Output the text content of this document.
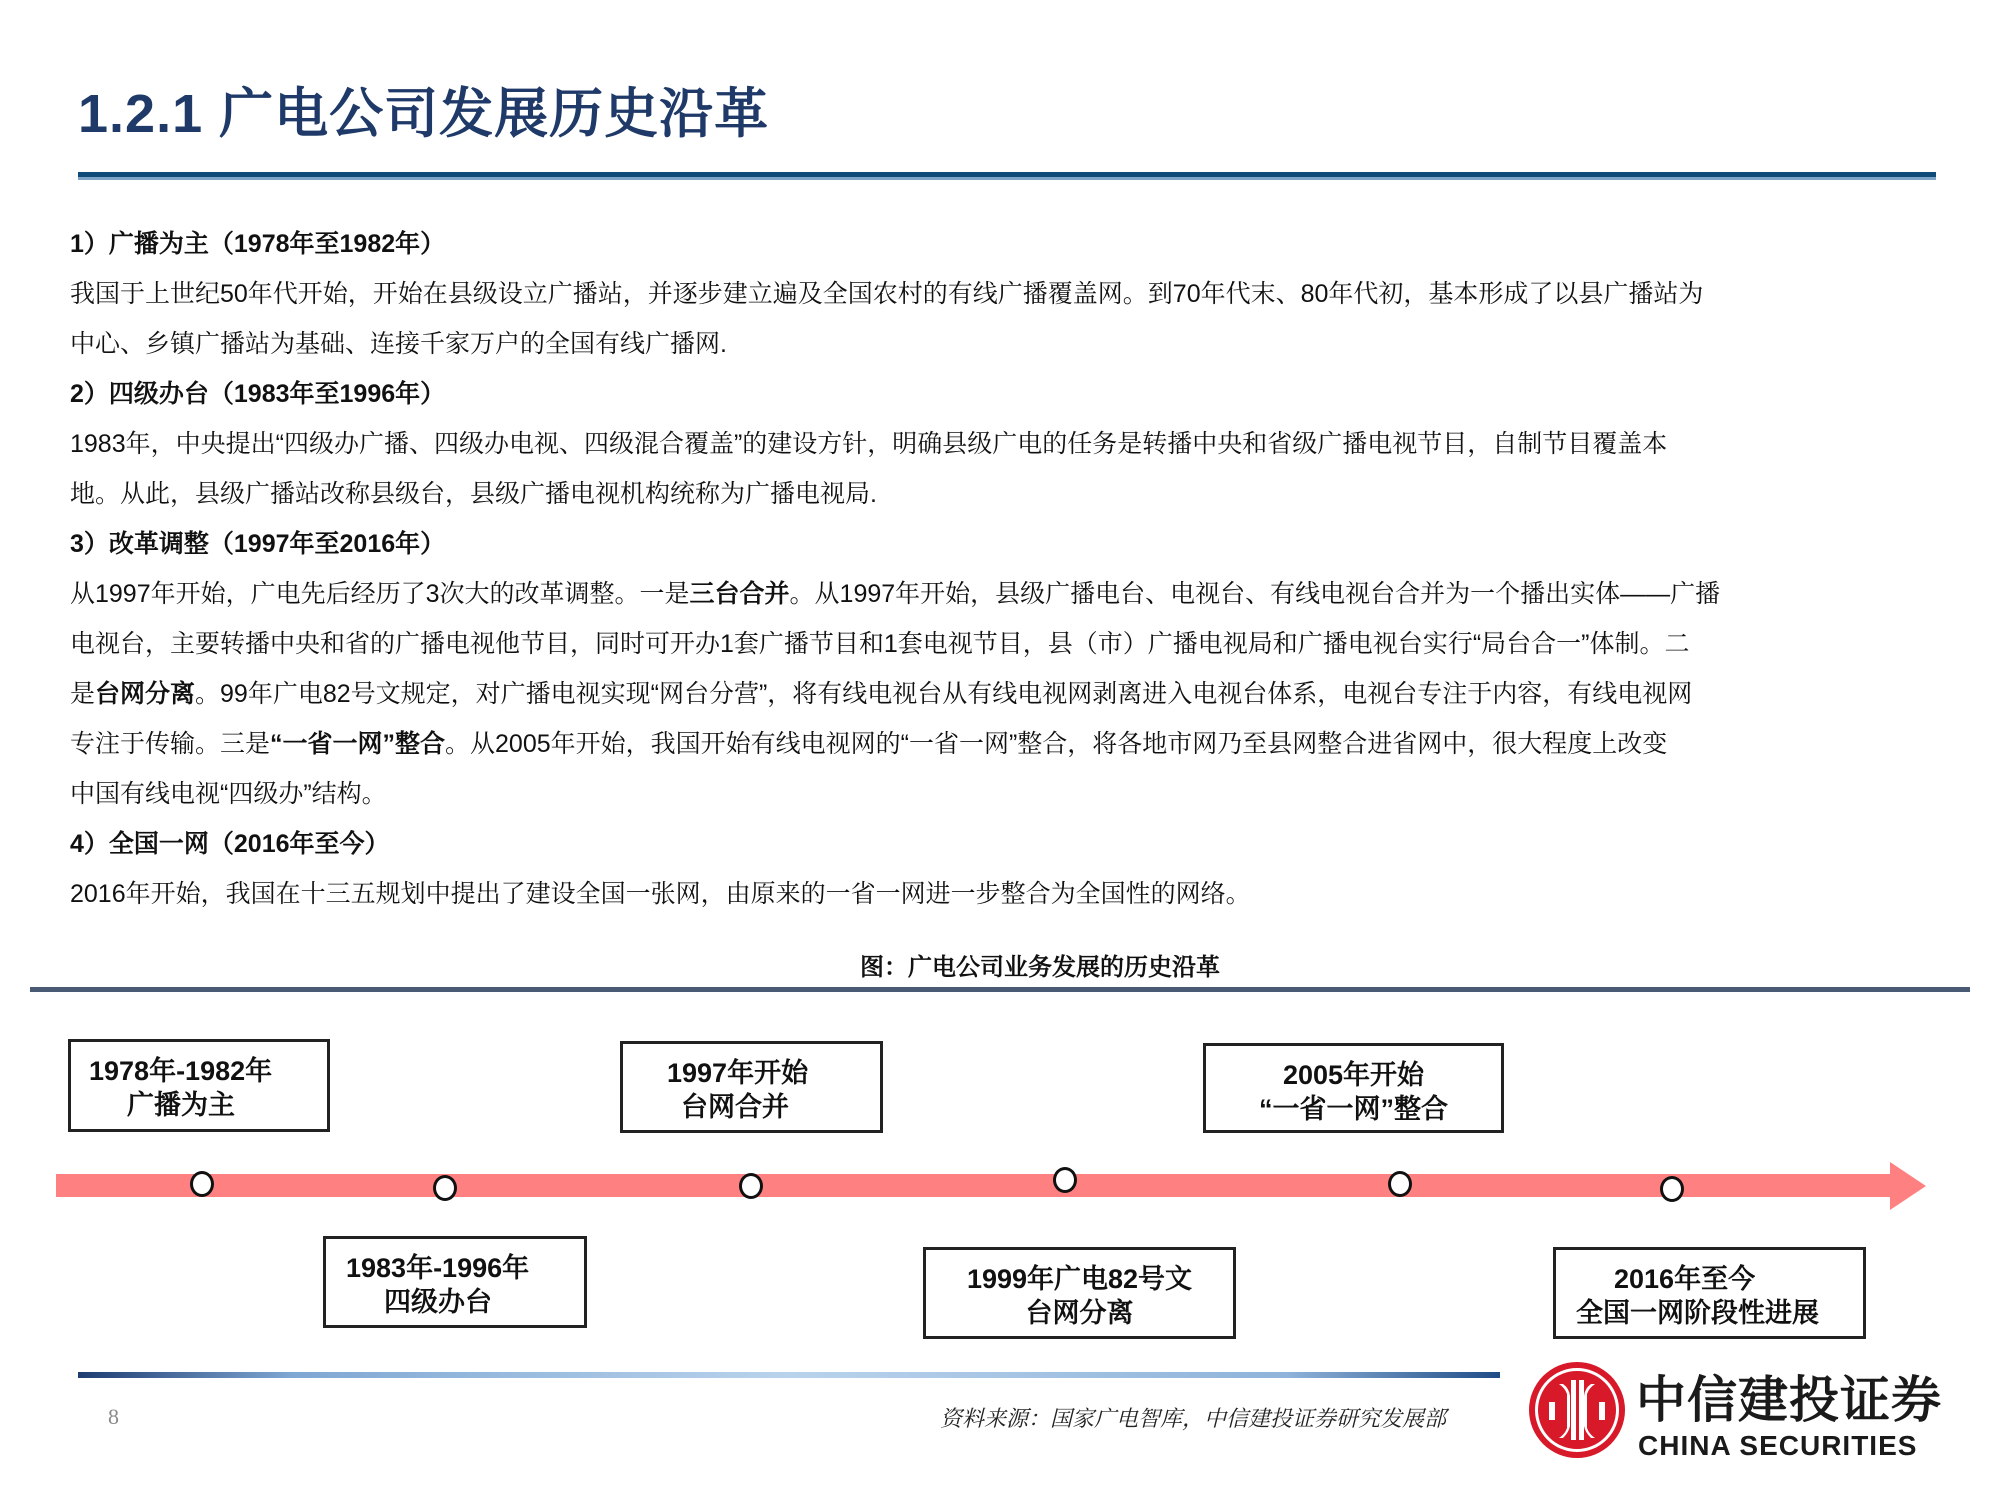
1.2.1 广电公司发展历史沿革
1）广播为主（1978年至1982年）
我国于上世纪50年代开始，开始在县级设立广播站，并逐步建立遍及全国农村的有线广播覆盖网。到70年代末、80年代初，基本形成了以县广播站为
中心、乡镇广播站为基础、连接千家万户的全国有线广播网.
2）四级办台（1983年至1996年）
1983年，中央提出“四级办广播、四级办电视、四级混合覆盖”的建设方针，明确县级广电的任务是转播中央和省级广播电视节目，自制节目覆盖本
地。从此，县级广播站改称县级台，县级广播电视机构统称为广播电视局.
3）改革调整（1997年至2016年）
从1997年开始，广电先后经历了3次大的改革调整。一是三台合并。从1997年开始，县级广播电台、电视台、有线电视台合并为一个播出实体——广播
电视台，主要转播中央和省的广播电视他节目，同时可开办1套广播节目和1套电视节目，县（市）广播电视局和广播电视台实行“局台合一”体制。二
是台网分离。99年广电82号文规定，对广播电视实现“网台分营”，将有线电视台从有线电视网剥离进入电视台体系，电视台专注于内容，有线电视网
专注于传输。三是“一省一网”整合。从2005年开始，我国开始有线电视网的“一省一网”整合，将各地市网乃至县网整合进省网中，很大程度上改变
中国有线电视“四级办”结构。
4）全国一网（2016年至今）
2016年开始，我国在十三五规划中提出了建设全国一张网，由原来的一省一网进一步整合为全国性的网络。
图：广电公司业务发展的历史沿革
1978年-1982年
广播为主
1983年-1996年
四级办台
1997年开始
台网合并
1999年广电82号文
台网分离
2005年开始
“一省一网”整合
2016年至今
全国一网阶段性进展
8	资料来源：国家广电智库，中信建投证券研究发展部	中信建投证券
CHINA SECURITIES
